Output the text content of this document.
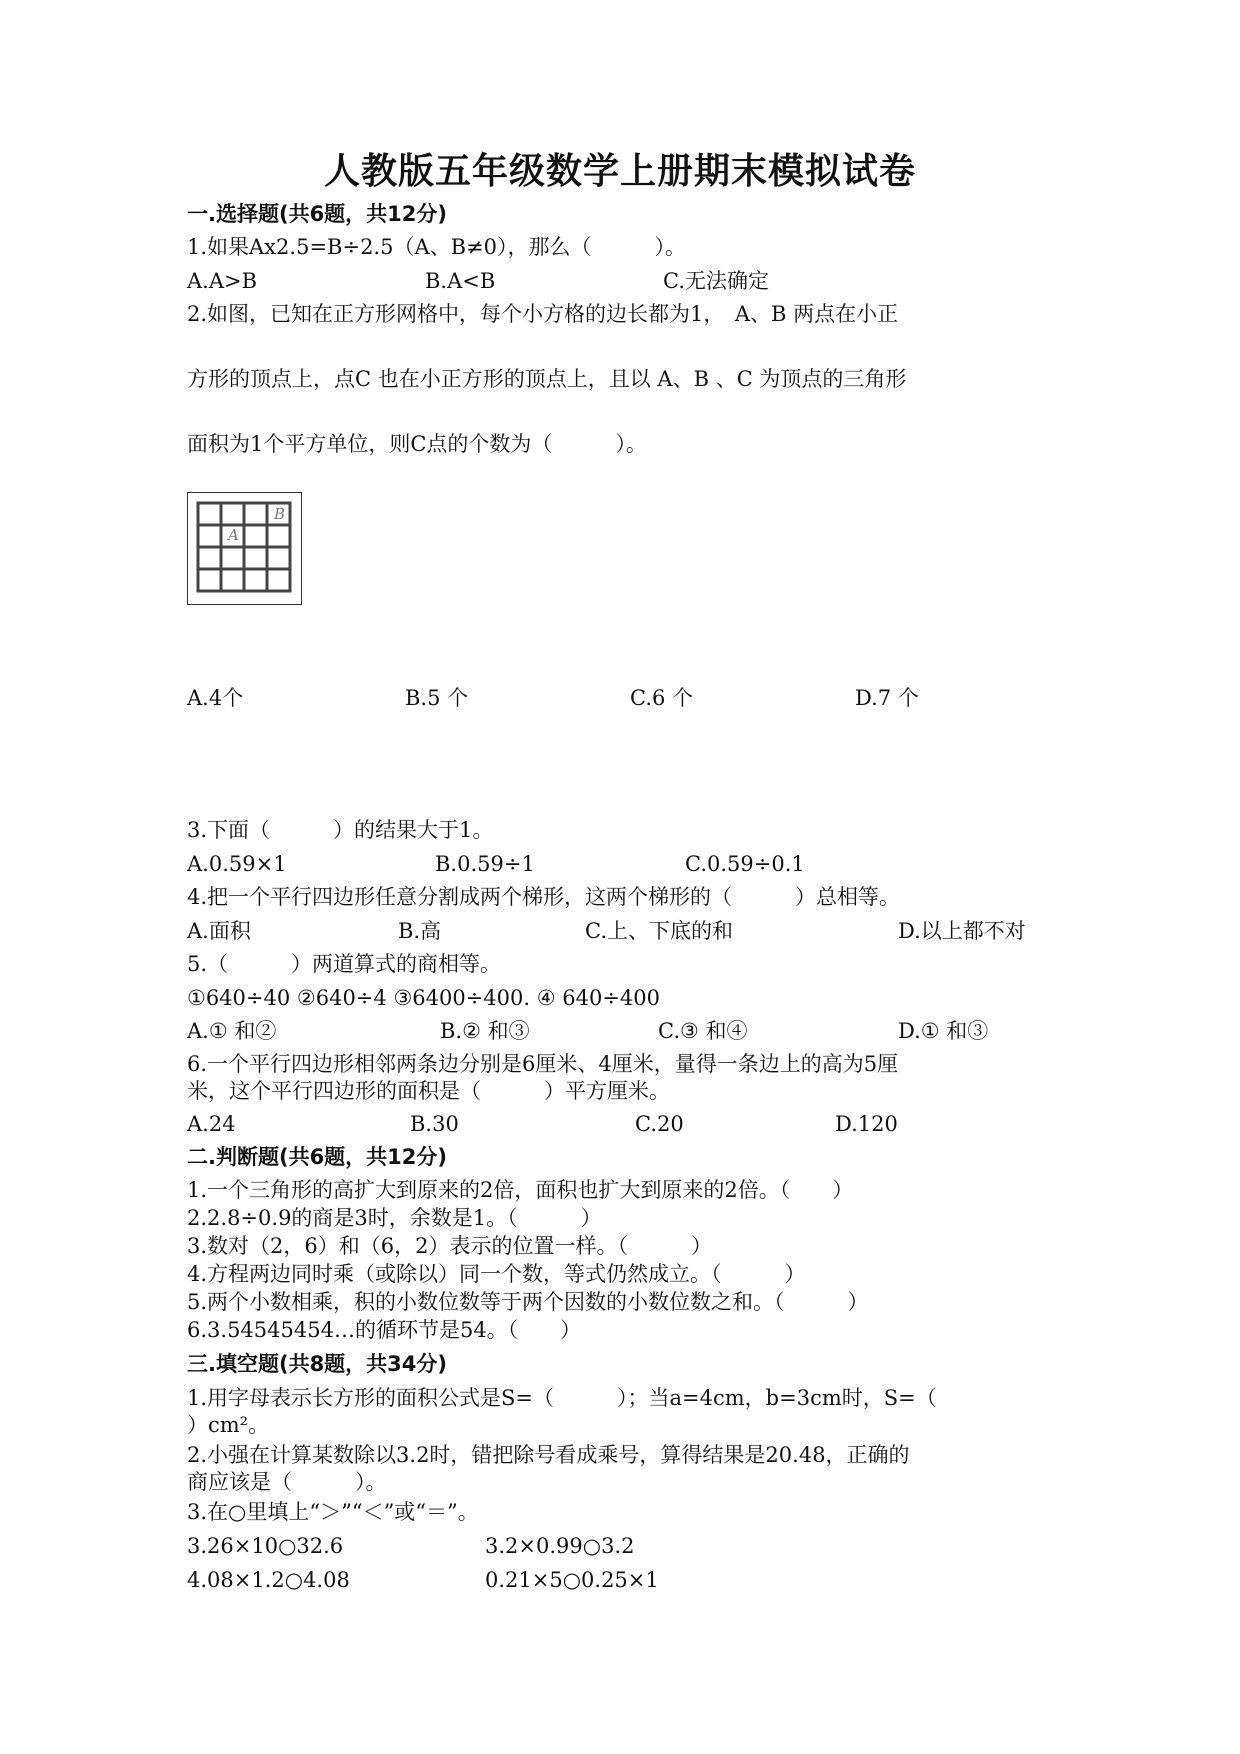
人教版五年级数学上册期末模拟试卷
一.选择题(共6题，共12分)
1.如果Ax2.5=B÷2.5（A、B≠0），那么（　　　）。
A.A>B	B.A<B	C.无法确定
2.如图，已知在正方形网格中，每个小方格的边长都为1，　A、B 两点在小正
方形的顶点上，点C 也在小正方形的顶点上，且以 A、B 、C 为顶点的三角形
面积为1个平方单位，则C点的个数为（　　　）。
A
B
A.4个	B.5 个	C.6 个	D.7 个
3.下面（　　　）的结果大于1。
A.0.59×1	B.0.59÷1	C.0.59÷0.1
4.把一个平行四边形任意分割成两个梯形，这两个梯形的（　　　）总相等。
A.面积	B.高	C.上、下底的和	D.以上都不对
5.（　　　）两道算式的商相等。
①640÷40 ②640÷4 ③6400÷400. ④ 640÷400
A.① 和②	B.② 和③	C.③ 和④	D.① 和③
6.一个平行四边形相邻两条边分别是6厘米、4厘米，量得一条边上的高为5厘
米，这个平行四边形的面积是（　　　）平方厘米。
A.24	B.30	C.20	D.120
二.判断题(共6题，共12分)
1.一个三角形的高扩大到原来的2倍，面积也扩大到原来的2倍。（　　）
2.2.8÷0.9的商是3时，余数是1。（　　　）
3.数对（2，6）和（6，2）表示的位置一样。（　　　）
4.方程两边同时乘（或除以）同一个数，等式仍然成立。（　　　）
5.两个小数相乘，积的小数位数等于两个因数的小数位数之和。（　　　）
6.3.54545454…的循环节是54。（　　）
三.填空题(共8题，共34分)
1.用字母表示长方形的面积公式是S=（　　　）；当a=4cm，b=3cm时，S=（
）cm²。
2.小强在计算某数除以3.2时，错把除号看成乘号，算得结果是20.48，正确的
商应该是（　　　）。
3.在○里填上“＞”“＜”或“＝”。
3.26×10○32.6	3.2×0.99○3.2
4.08×1.2○4.08	0.21×5○0.25×1
